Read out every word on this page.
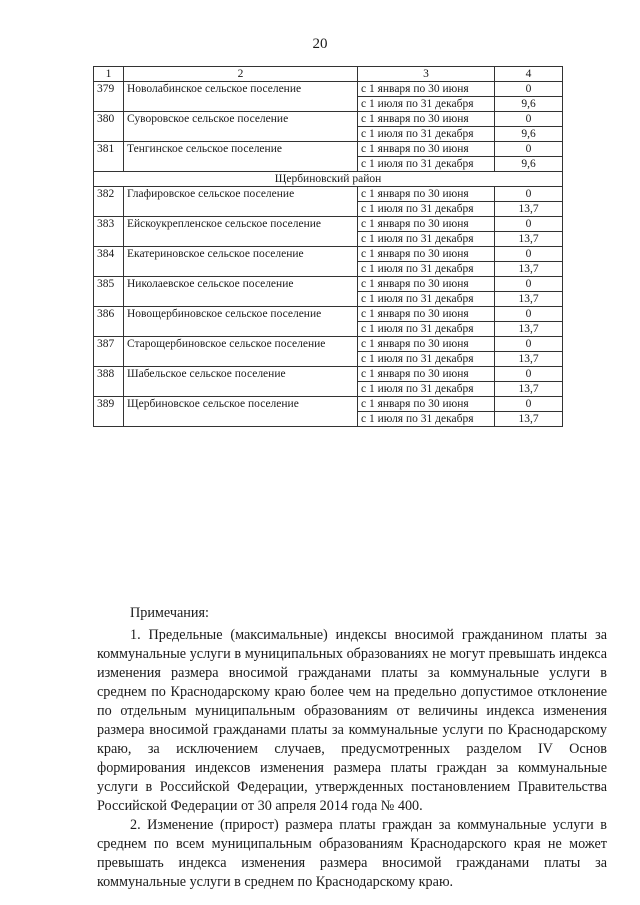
20
1	2	3	4
379	Новолабинское сельское поселение	с 1 января по 30 июня	0
		с 1 июля по 31 декабря	9,6
380	Суворовское сельское поселение	с 1 января по 30 июня	0
		с 1 июля по 31 декабря	9,6
381	Тенгинское сельское поселение	с 1 января по 30 июня	0
		с 1 июля по 31 декабря	9,6
Щербиновский район			
382	Глафировское сельское поселение	с 1 января по 30 июня	0
		с 1 июля по 31 декабря	13,7
383	Ейскоукрепленское сельское поселение	с 1 января по 30 июня	0
		с 1 июля по 31 декабря	13,7
384	Екатериновское сельское поселение	с 1 января по 30 июня	0
		с 1 июля по 31 декабря	13,7
385	Николаевское сельское поселение	с 1 января по 30 июня	0
		с 1 июля по 31 декабря	13,7
386	Новощербиновское сельское поселение	с 1 января по 30 июня	0
		с 1 июля по 31 декабря	13,7
387	Старощербиновское сельское поселение	с 1 января по 30 июня	0
		с 1 июля по 31 декабря	13,7
388	Шабельское сельское поселение	с 1 января по 30 июня	0
		с 1 июля по 31 декабря	13,7
389	Щербиновское сельское поселение	с 1 января по 30 июня	0
		с 1 июля по 31 декабря	13,7

Примечания:

1. Предельные (максимальные) индексы вносимой гражданином платы за коммунальные услуги в муниципальных образованиях не могут превышать индекса изменения размера вносимой гражданами платы за коммунальные услуги в среднем по Краснодарскому краю более чем на предельно допустимое отклонение по отдельным муниципальным образованиям от величины индекса изменения размера вносимой гражданами платы за коммунальные услуги по Краснодарскому краю, за исключением случаев, предусмотренных разделом IV Основ формирования индексов изменения размера платы граждан за коммунальные услуги в Российской Федерации, утвержденных постановлением Правительства Российской Федерации от 30 апреля 2014 года № 400.

2. Изменение (прирост) размера платы граждан за коммунальные услуги в среднем по всем муниципальным образованиям Краснодарского края не может превышать индекса изменения размера вносимой гражданами платы за коммунальные услуги в среднем по Краснодарскому краю.
